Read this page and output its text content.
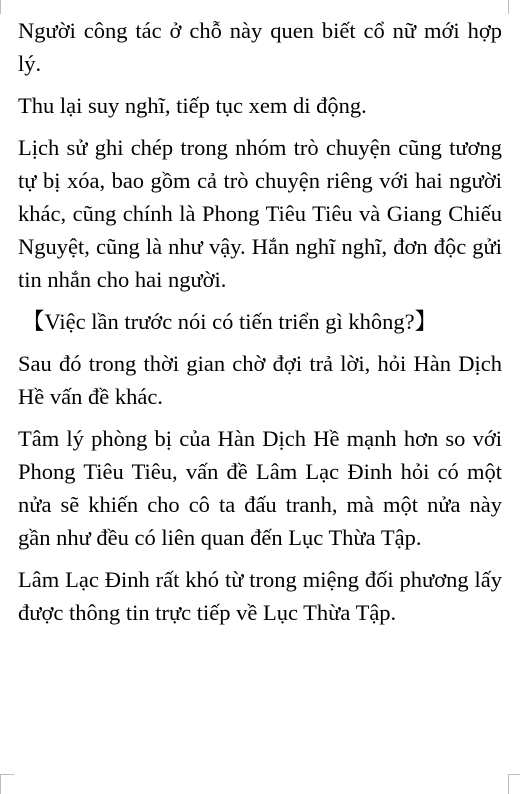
Người công tác ở chỗ này quen biết cổ nữ mới hợp lý.

Thu lại suy nghĩ, tiếp tục xem di động.

Lịch sử ghi chép trong nhóm trò chuyện cũng tương tự bị xóa, bao gồm cả trò chuyện riêng với hai người khác, cũng chính là Phong Tiêu Tiêu và Giang Chiếu Nguyệt, cũng là như vậy. Hắn nghĩ nghĩ, đơn độc gửi tin nhắn cho hai người.

【Việc lần trước nói có tiến triển gì không?】

Sau đó trong thời gian chờ đợi trả lời, hỏi Hàn Dịch Hề vấn đề khác.

Tâm lý phòng bị của Hàn Dịch Hề mạnh hơn so với Phong Tiêu Tiêu, vấn đề Lâm Lạc Đinh hỏi có một nửa sẽ khiến cho cô ta đấu tranh, mà một nửa này gần như đều có liên quan đến Lục Thừa Tập.

Lâm Lạc Đinh rất khó từ trong miệng đối phương lấy được thông tin trực tiếp về Lục Thừa Tập.
